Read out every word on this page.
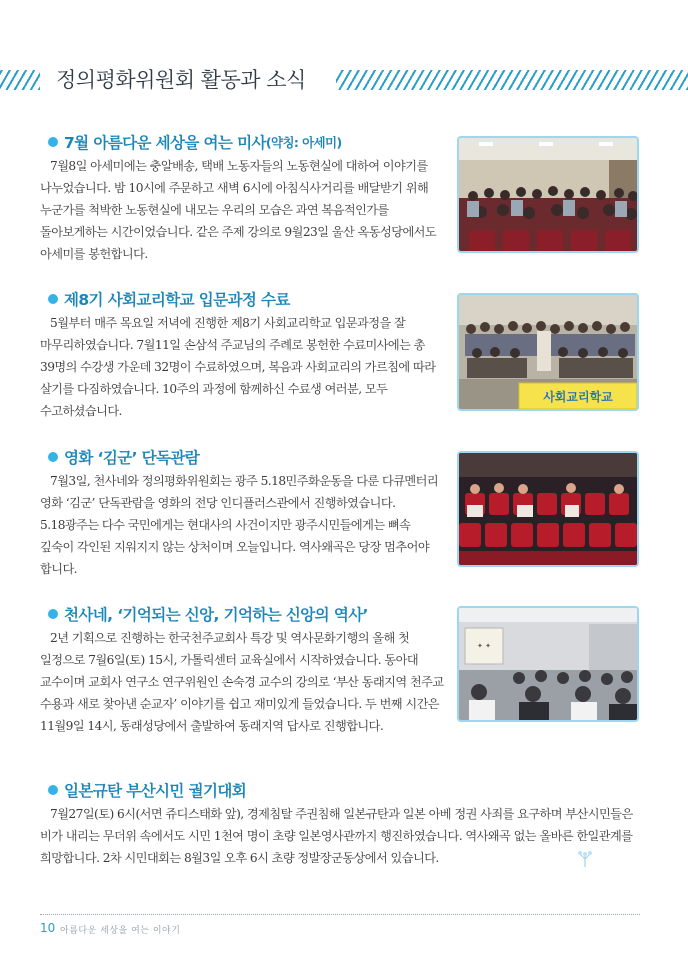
정의평화위원회 활동과 소식
7월 아름다운 세상을 여는 미사 (약칭: 아세미)

7월8일 아세미에는 충알배송, 택배 노동자들의 노동현실에 대하여 이야기를 나누었습니다. 밤 10시에 주문하고 새벽 6시에 아침식사거리를 배달받기 위해 누군가를 척박한 노동현실에 내모는 우리의 모습은 과연 복음적인가를 돌아보게하는 시간이었습니다. 같은 주제 강의로 9월23일 울산 옥동성당에서도 아세미를 봉헌합니다.

제8기 사회교리학교 입문과정 수료

5월부터 매주 목요일 저녁에 진행한 제8기 사회교리학교 입문과정을 잘 마무리하였습니다. 7월11일 손삼석 주교님의 주례로 봉헌한 수료미사에는 총 39명의 수강생 가운데 32명이 수료하였으며, 복음과 사회교리의 가르침에 따라 살기를 다짐하였습니다. 10주의 과정에 함께하신 수료생 여러분, 모두 수고하셨습니다.

사회교리학교
영화 ‘김군’ 단독관람

7월3일, 천사네와 정의평화위원회는 광주 5.18민주화운동을 다룬 다큐멘터리 영화 ‘김군’ 단독관람을 영화의 전당 인디플러스관에서 진행하였습니다. 5.18광주는 다수 국민에게는 현대사의 사건이지만 광주시민들에게는 뼈속 깊숙이 각인된 지워지지 않는 상처이며 오늘입니다. 역사왜곡은 당장 멈추어야 합니다.

천사네, ‘기억되는 신앙, 기억하는 신앙의 역사’

2년 기획으로 진행하는 한국천주교회사 특강 및 역사문화기행의 올해 첫 일정으로 7월6일(토) 15시, 가톨릭센터 교육실에서 시작하였습니다. 동아대 교수이며 교회사 연구소 연구위원인 손숙경 교수의 강의로 ‘부산 동래지역 천주교 수용과 새로 찾아낸 순교자’ 이야기를 쉽고 재미있게 들었습니다. 두 번째 시간은 11월9일 14시, 동래성당에서 출발하여 동래지역 답사로 진행합니다.

✦ ✦
일본규탄 부산시민 궐기대회

7월27일(토) 6시(서면 쥬디스태화 앞), 경제침탈 주권침해 일본규탄과 일본 아베 정권 사죄를 요구하며 부산시민들은 비가 내리는 무더위 속에서도 시민 1천여 명이 초량 일본영사관까지 행진하였습니다. 역사왜곡 없는 올바른 한일관계를 희망합니다. 2차 시민대회는 8월3일 오후 6시 초량 정발장군동상에서 있습니다.

10 아름다운 세상을 여는 이야기
